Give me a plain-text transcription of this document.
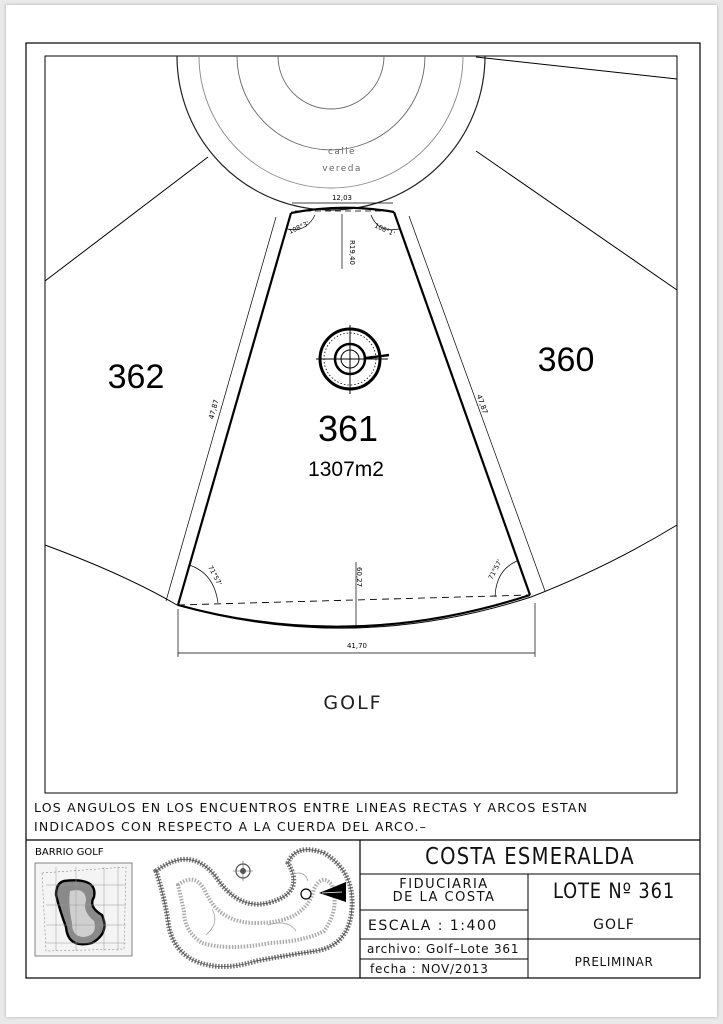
calle
vereda
12,03
R19,40
47,87	47,87
41,70
60,27
108°3'	108°1'
71°57'	71°57'
362
361
360
1307m2
GOLF
BARRIO GOLF
LOS ANGULOS EN LOS ENCUENTROS ENTRE LINEAS RECTAS Y ARCOS ESTAN
INDICADOS CON RESPECTO A LA CUERDA DEL ARCO.–
COSTA ESMERALDA
FIDUCIARIA
DE LA COSTA	LOTE Nº 361
ESCALA : 1:400	GOLF
archivo: Golf–Lote 361
PRELIMINAR
fecha : NOV/2013
